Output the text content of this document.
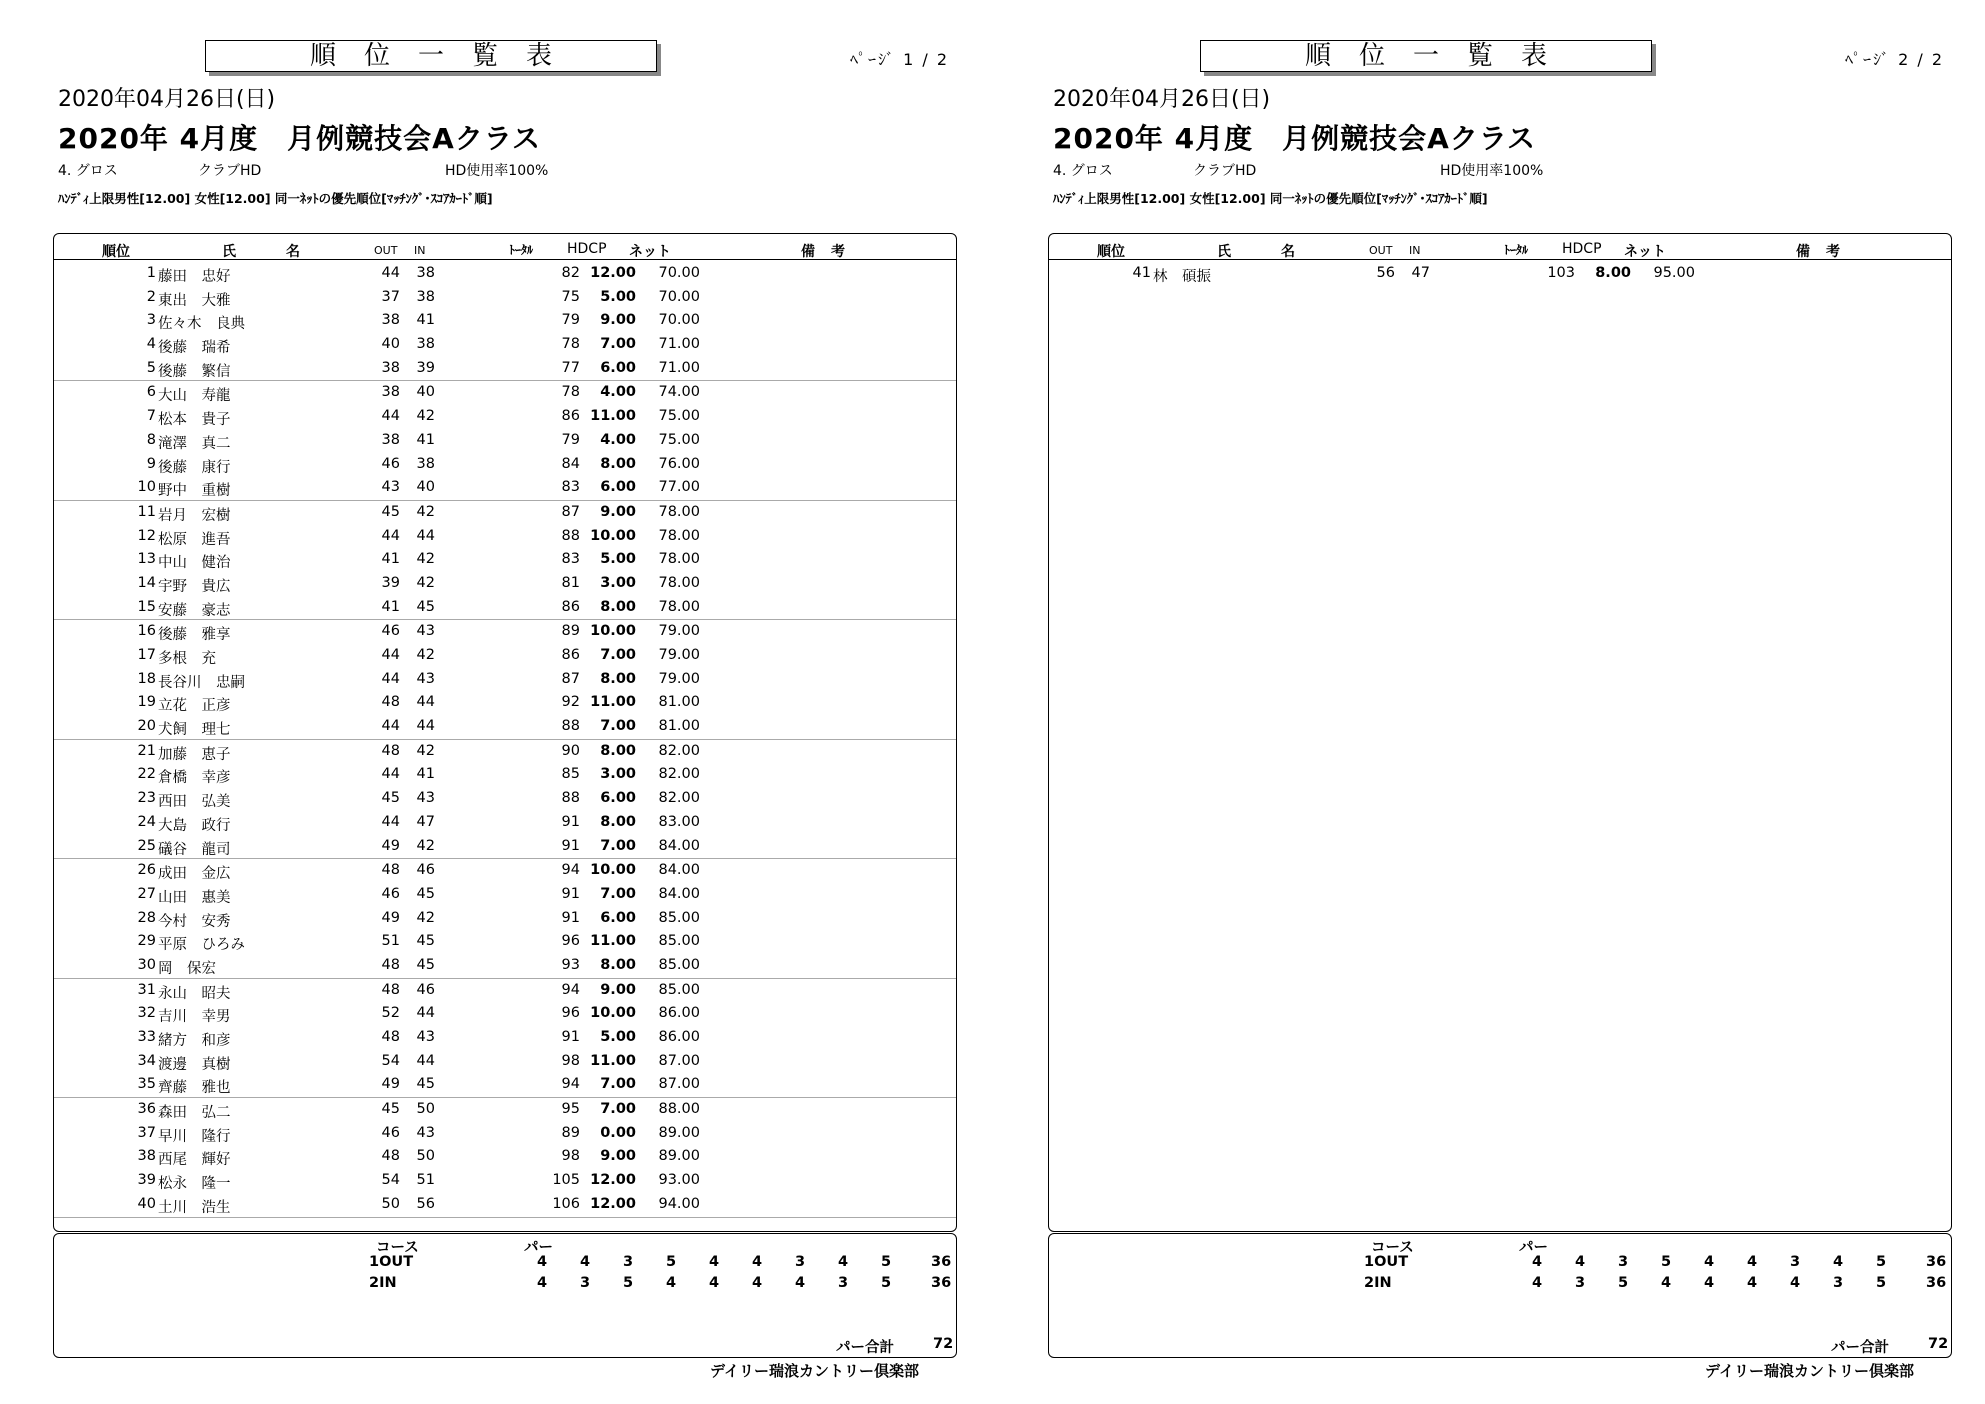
順位一覧表	ﾍﾟｰｼﾞ 1 / 2
2020年04月26日(日)
2020年 4月度　月例競技会Aクラス
4. グロス	クラブHD	HD使用率100%
ﾊﾝﾃﾞｨ上限男性[12.00] 女性[12.00] 同一ﾈｯﾄの優先順位[ﾏｯﾁﾝｸﾞ･ｽｺｱｶｰﾄﾞ順]
順位	氏	名	OUT IN	ﾄｰﾀﾙ HDCP ネット	備 考
1 藤田　忠好	44	38	82 12.00	70.00
2 東出　大雅	37	38	75	5.00	70.00
3 佐々木　良典	38	41	79	9.00	70.00
4 後藤　瑞希	40	38	78	7.00	71.00
5 後藤　繁信	38	39	77	6.00	71.00
6 大山　寿龍	38	40	78	4.00	74.00
7 松本　貴子	44	42	86 11.00	75.00
8 滝澤　真二	38	41	79	4.00	75.00
9 後藤　康行	46	38	84	8.00	76.00
10 野中　重樹	43	40	83	6.00	77.00
11 岩月　宏樹	45	42	87	9.00	78.00
12 松原　進吾	44	44	88 10.00	78.00
13 中山　健治	41	42	83	5.00	78.00
14 宇野　貴広	39	42	81	3.00	78.00
15 安藤　豪志	41	45	86	8.00	78.00
16 後藤　雅享	46	43	89 10.00	79.00
17 多根　充	44	42	86	7.00	79.00
18 長谷川　忠嗣	44	43	87	8.00	79.00
19 立花　正彦	48	44	92 11.00	81.00
20 犬飼　理七	44	44	88	7.00	81.00
21 加藤　恵子	48	42	90	8.00	82.00
22 倉橋　幸彦	44	41	85	3.00	82.00
23 西田　弘美	45	43	88	6.00	82.00
24 大島　政行	44	47	91	8.00	83.00
25 礒谷　龍司	49	42	91	7.00	84.00
26 成田　金広	48	46	94 10.00	84.00
27 山田　惠美	46	45	91	7.00	84.00
28 今村　安秀	49	42	91	6.00	85.00
29 平原　ひろみ	51	45	96 11.00	85.00
30 岡　保宏	48	45	93	8.00	85.00
31 永山　昭夫	48	46	94	9.00	85.00
32 吉川　幸男	52	44	96 10.00	86.00
33 緒方　和彦	48	43	91	5.00	86.00
34 渡邊　真樹	54	44	98 11.00	87.00
35 齊藤　雅也	49	45	94	7.00	87.00
36 森田　弘二	45	50	95	7.00	88.00
37 早川　隆行	46	43	89	0.00	89.00
38 西尾　輝好	48	50	98	9.00	89.00
39 松永　隆一	54	51	105 12.00	93.00
40 土川　浩生	50	56	106 12.00	94.00
コース	パー
1OUT	4	4	3	5	4	4	3	4	5	36
2IN	4	3	5	4	4	4	4	3	5	36
パー合計	72
デイリー瑞浪カントリー倶楽部
順位一覧表	ﾍﾟｰｼﾞ 2 / 2
2020年04月26日(日)
2020年 4月度　月例競技会Aクラス
4. グロス	クラブHD	HD使用率100%
ﾊﾝﾃﾞｨ上限男性[12.00] 女性[12.00] 同一ﾈｯﾄの優先順位[ﾏｯﾁﾝｸﾞ･ｽｺｱｶｰﾄﾞ順]
順位	氏	名	OUT IN	ﾄｰﾀﾙ HDCP ネット	備 考
41 林　碩振	56	47	103	8.00	95.00
コース	パー
1OUT	4	4	3	5	4	4	3	4	5	36
2IN	4	3	5	4	4	4	4	3	5	36
パー合計	72
デイリー瑞浪カントリー倶楽部
